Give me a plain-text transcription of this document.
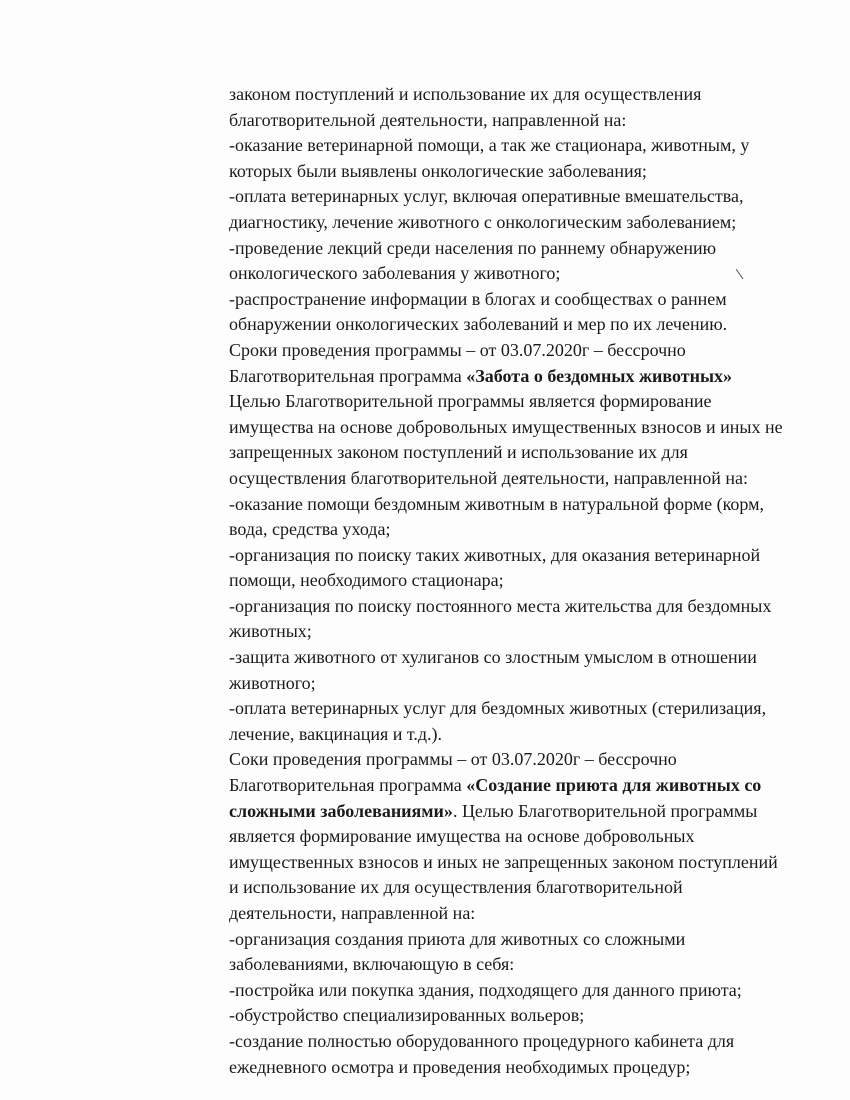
законом поступлений и использование их для осуществления
благотворительной деятельности, направленной на:
-оказание ветеринарной помощи, а так же стационара, животным, у
которых были выявлены онкологические заболевания;
-оплата ветеринарных услуг, включая оперативные вмешательства,
диагностику, лечение животного с онкологическим заболеванием;
-проведение лекций среди населения по раннему обнаружению
онкологического заболевания у животного;
-распространение информации в блогах и сообществах о раннем
обнаружении онкологических заболеваний и мер по их лечению.
Сроки проведения программы – от 03.07.2020г – бессрочно
Благотворительная программа «Забота о бездомных животных»
Целью Благотворительной программы является формирование
имущества на основе добровольных имущественных взносов и иных не
запрещенных законом поступлений и использование их для
осуществления благотворительной деятельности, направленной на:
-оказание помощи бездомным животным в натуральной форме (корм,
вода, средства ухода;
-организация по поиску таких животных, для оказания ветеринарной
помощи, необходимого стационара;
-организация по поиску постоянного места жительства для бездомных
животных;
-защита животного от хулиганов со злостным умыслом в отношении
животного;
-оплата ветеринарных услуг для бездомных животных (стерилизация,
лечение, вакцинация и т.д.).
Соки проведения программы – от 03.07.2020г – бессрочно
Благотворительная программа «Создание приюта для животных со
сложными заболеваниями». Целью Благотворительной программы
является формирование имущества на основе добровольных
имущественных взносов и иных не запрещенных законом поступлений
и использование их для осуществления благотворительной
деятельности, направленной на:
-организация создания приюта для животных со сложными
заболеваниями, включающую в себя:
-постройка или покупка здания, подходящего для данного приюта;
-обустройство специализированных вольеров;
-создание полностью оборудованного процедурного кабинета для
ежедневного осмотра и проведения необходимых процедур;
